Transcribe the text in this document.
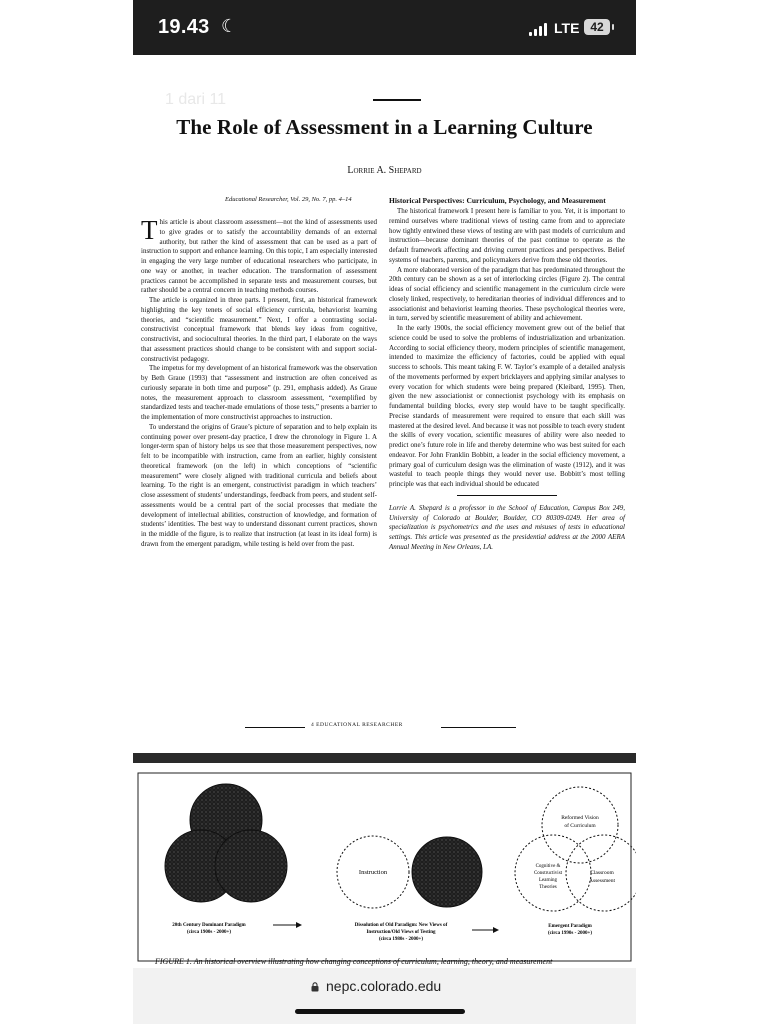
19.43 ☾	LTE 42
1 dari 11
The Role of Assessment in a Learning Culture
Lorrie A. Shepard
Educational Researcher, Vol. 29, No. 7, pp. 4–14

This article is about classroom assessment—not the kind of assessments used to give grades or to satisfy the accountability demands of an external authority, but rather the kind of assessment that can be used as a part of instruction to support and enhance learning. On this topic, I am especially interested in engaging the very large number of educational researchers who participate, in one way or another, in teacher education. The transformation of assessment practices cannot be accomplished in separate tests and measurement courses, but rather should be a central concern in teaching methods courses.

The article is organized in three parts. I present, first, an historical framework highlighting the key tenets of social efficiency curricula, behaviorist learning theories, and “scientific measurement.” Next, I offer a contrasting social-constructivist conceptual framework that blends key ideas from cognitive, constructivist, and sociocultural theories. In the third part, I elaborate on the ways that assessment practices should change to be consistent with and support social-constructivist pedagogy.

The impetus for my development of an historical framework was the observation by Beth Graue (1993) that “assessment and instruction are often conceived as curiously separate in both time and purpose” (p. 291, emphasis added). As Graue notes, the measurement approach to classroom assessment, “exemplified by standardized tests and teacher-made emulations of those tests,” presents a barrier to the implementation of more constructivist approaches to instruction.

To understand the origins of Graue’s picture of separation and to help explain its continuing power over present-day practice, I drew the chronology in Figure 1. A longer-term span of history helps us see that those measurement perspectives, now felt to be incompatible with instruction, came from an earlier, highly consistent theoretical framework (on the left) in which conceptions of “scientific measurement” were closely aligned with traditional curricula and beliefs about learning. To the right is an emergent, constructivist paradigm in which teachers’ close assessment of students’ understandings, feedback from peers, and student self-assessments would be a central part of the social processes that mediate the development of intellectual abilities, construction of knowledge, and formation of students’ identities. The best way to understand dissonant current practices, shown in the middle of the figure, is to realize that instruction (at least in its ideal form) is drawn from the emergent paradigm, while testing is held over from the past.

Historical Perspectives: Curriculum, Psychology, and Measurement

The historical framework I present here is familiar to you. Yet, it is important to remind ourselves where traditional views of testing came from and to appreciate how tightly entwined these views of testing are with past models of curriculum and instruction—because dominant theories of the past continue to operate as the default framework affecting and driving current practices and perspectives. Belief systems of teachers, parents, and policymakers derive from these old theories.

A more elaborated version of the paradigm that has predominated throughout the 20th century can be shown as a set of interlocking circles (Figure 2). The central ideas of social efficiency and scientific management in the curriculum circle were closely linked, respectively, to hereditarian theories of individual differences and to associationist and behaviorist learning theories. These psychological theories were, in turn, served by scientific measurement of ability and achievement.

In the early 1900s, the social efficiency movement grew out of the belief that science could be used to solve the problems of industrialization and urbanization. According to social efficiency theory, modern principles of scientific management, intended to maximize the efficiency of factories, could be applied with equal success to schools. This meant taking F. W. Taylor’s example of a detailed analysis of the movements performed by expert bricklayers and applying similar analyses to every vocation for which students were being prepared (Kleibard, 1995). Then, given the new associationist or connectionist psychology with its emphasis on fundamental building blocks, every step would have to be taught specifically. Precise standards of measurement were required to ensure that each skill was mastered at the desired level. And because it was not possible to teach every student the skills of every vocation, scientific measures of ability were also needed to predict one’s future role in life and thereby determine who was best suited for each endeavor. For John Franklin Bobbitt, a leader in the social efficiency movement, a primary goal of curriculum design was the elimination of waste (1912), and it was wasteful to teach people things they would never use. Bobbitt’s most telling principle was that each individual should be educated

Lorrie A. Shepard is a professor in the School of Education, Campus Box 249, University of Colorado at Boulder, Boulder, CO 80309-0249. Her area of specialization is psychometrics and the uses and misuses of tests in educational settings. This article was presented as the presidential address at the 2000 AERA Annual Meeting in New Orleans, LA.

4 EDUCATIONAL RESEARCHER
Instruction
Reformed Vision
of Curriculum
Cognitive &
Constructivist
Learning
Theories
Classroom
Assessment
20th Century Dominant Paradigm
(circa 1900s - 2000+)
Dissolution of Old Paradigm: New Views of
Instruction/Old Views of Testing
(circa 1980s - 2000+)
Emergent Paradigm
(circa 1990s - 2000+)
FIGURE 1. An historical overview illustrating how changing conceptions of curriculum, learning, theory, and measurement
nepc.colorado.edu
